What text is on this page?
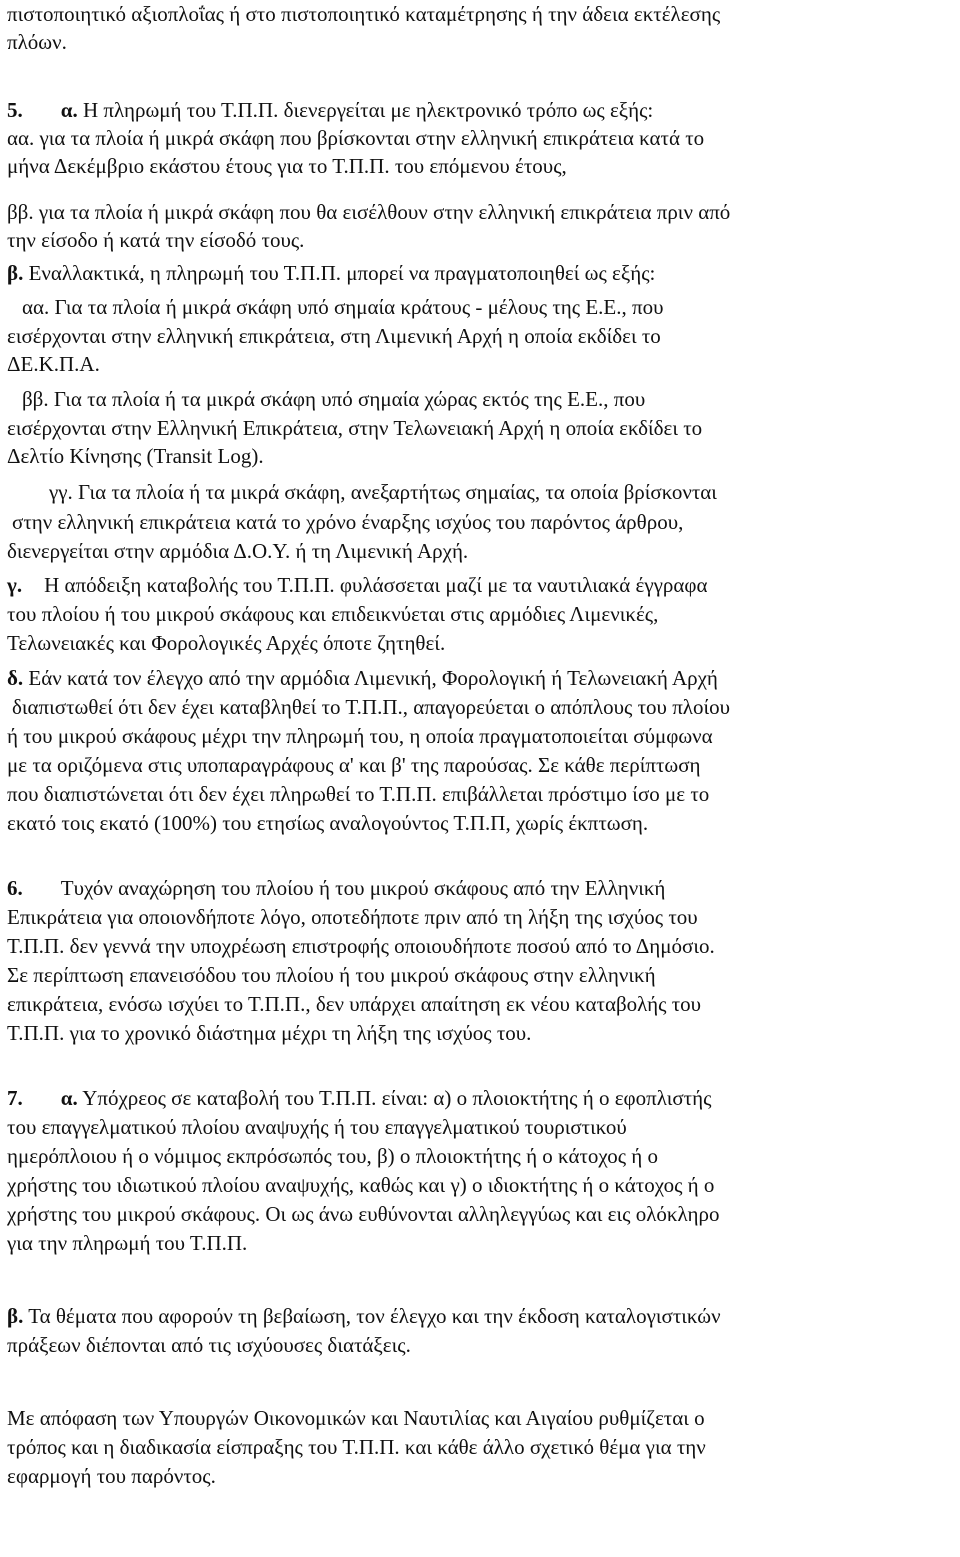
πιστοποιητικό αξιοπλοΐας ή στο πιστοποιητικό καταμέτρησης ή την άδεια εκτέλεσης

πλόων.

5. α. Η πληρωμή του Τ.Π.Π. διενεργείται με ηλεκτρονικό τρόπο ως εξής:

αα. για τα πλοία ή μικρά σκάφη που βρίσκονται στην ελληνική επικράτεια κατά το

μήνα Δεκέμβριο εκάστου έτους για το Τ.Π.Π. του επόμενου έτους,

ββ. για τα πλοία ή μικρά σκάφη που θα εισέλθουν στην ελληνική επικράτεια πριν από

την είσοδο ή κατά την είσοδό τους.

β. Εναλλακτικά, η πληρωμή του Τ.Π.Π. μπορεί να πραγματοποιηθεί ως εξής:

αα. Για τα πλοία ή μικρά σκάφη υπό σημαία κράτους - μέλους της Ε.Ε., που

εισέρχονται στην ελληνική επικράτεια, στη Λιμενική Αρχή η οποία εκδίδει το

ΔΕ.Κ.Π.Α.

ββ. Για τα πλοία ή τα μικρά σκάφη υπό σημαία χώρας εκτός της Ε.Ε., που

εισέρχονται στην Ελληνική Επικράτεια, στην Τελωνειακή Αρχή η οποία εκδίδει το

Δελτίο Κίνησης (Transit Log).

γγ. Για τα πλοία ή τα μικρά σκάφη, ανεξαρτήτως σημαίας, τα οποία βρίσκονται

στην ελληνική επικράτεια κατά το χρόνο έναρξης ισχύος του παρόντος άρθρου,

διενεργείται στην αρμόδια Δ.Ο.Υ. ή τη Λιμενική Αρχή.

γ. Η απόδειξη καταβολής του Τ.Π.Π. φυλάσσεται μαζί με τα ναυτιλιακά έγγραφα

του πλοίου ή του μικρού σκάφους και επιδεικνύεται στις αρμόδιες Λιμενικές,

Τελωνειακές και Φορολογικές Αρχές όποτε ζητηθεί.

δ. Εάν κατά τον έλεγχο από την αρμόδια Λιμενική, Φορολογική ή Τελωνειακή Αρχή

διαπιστωθεί ότι δεν έχει καταβληθεί το Τ.Π.Π., απαγορεύεται ο απόπλους του πλοίου

ή του μικρού σκάφους μέχρι την πληρωμή του, η οποία πραγματοποιείται σύμφωνα

με τα οριζόμενα στις υποπαραγράφους α' και β' της παρούσας. Σε κάθε περίπτωση

που διαπιστώνεται ότι δεν έχει πληρωθεί το Τ.Π.Π. επιβάλλεται πρόστιμο ίσο με το

εκατό τοις εκατό (100%) του ετησίως αναλογούντος Τ.Π.Π, χωρίς έκπτωση.

6. Τυχόν αναχώρηση του πλοίου ή του μικρού σκάφους από την Ελληνική

Επικράτεια για οποιονδήποτε λόγο, οποτεδήποτε πριν από τη λήξη της ισχύος του

Τ.Π.Π. δεν γεννά την υποχρέωση επιστροφής οποιουδήποτε ποσού από το Δημόσιο.

Σε περίπτωση επανεισόδου του πλοίου ή του μικρού σκάφους στην ελληνική

επικράτεια, ενόσω ισχύει το Τ.Π.Π., δεν υπάρχει απαίτηση εκ νέου καταβολής του

Τ.Π.Π. για το χρονικό διάστημα μέχρι τη λήξη της ισχύος του.

7. α. Υπόχρεος σε καταβολή του Τ.Π.Π. είναι: α) ο πλοιοκτήτης ή ο εφοπλιστής

του επαγγελματικού πλοίου αναψυχής ή του επαγγελματικού τουριστικού

ημερόπλοιου ή ο νόμιμος εκπρόσωπός του, β) ο πλοιοκτήτης ή ο κάτοχος ή ο

χρήστης του ιδιωτικού πλοίου αναψυχής, καθώς και γ) ο ιδιοκτήτης ή ο κάτοχος ή ο

χρήστης του μικρού σκάφους. Οι ως άνω ευθύνονται αλληλεγγύως και εις ολόκληρο

για την πληρωμή του Τ.Π.Π.

β. Τα θέματα που αφορούν τη βεβαίωση, τον έλεγχο και την έκδοση καταλογιστικών

πράξεων διέπονται από τις ισχύουσες διατάξεις.

Με απόφαση των Υπουργών Οικονομικών και Ναυτιλίας και Αιγαίου ρυθμίζεται ο

τρόπος και η διαδικασία είσπραξης του Τ.Π.Π. και κάθε άλλο σχετικό θέμα για την

εφαρμογή του παρόντος.
